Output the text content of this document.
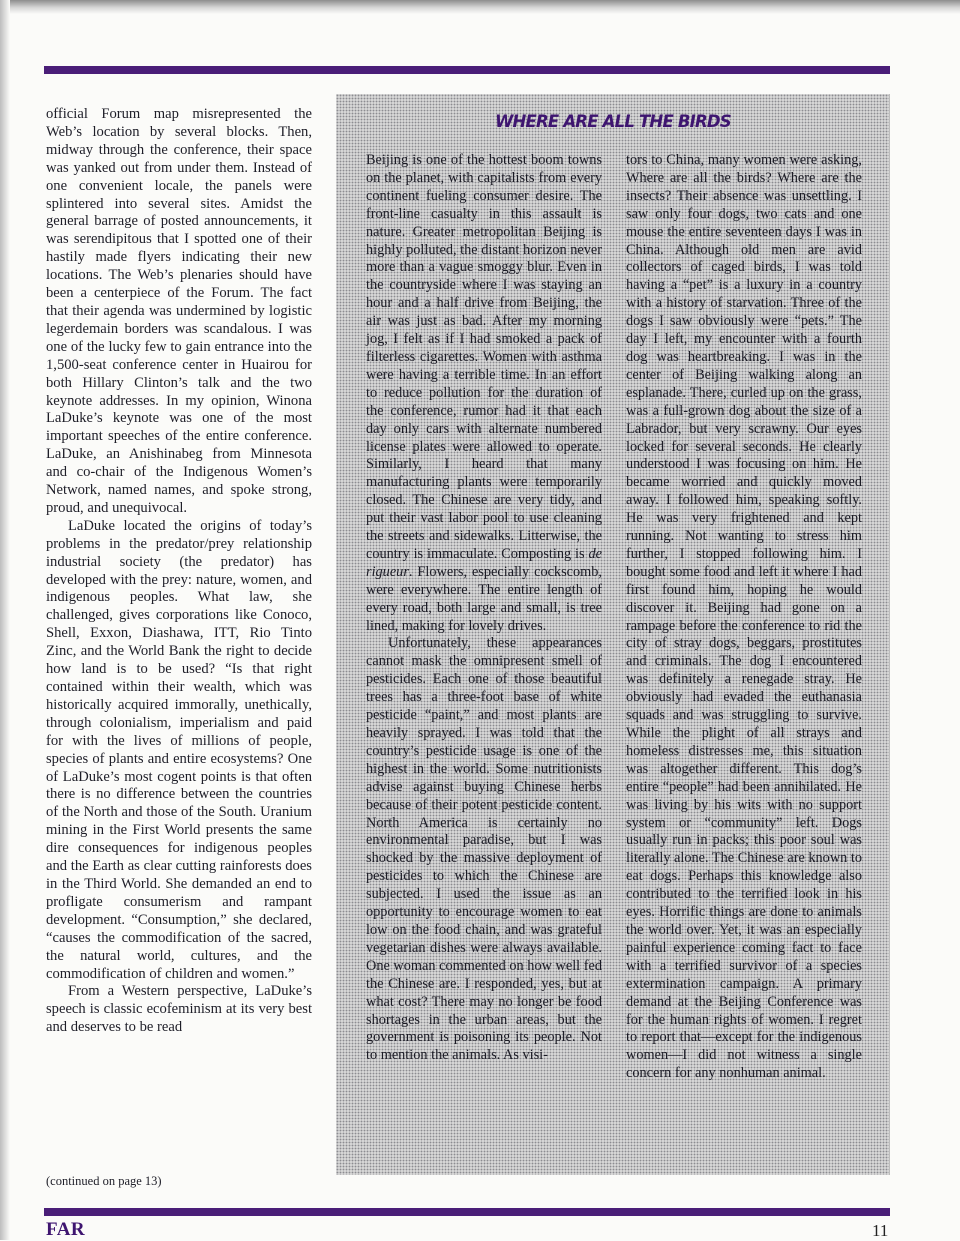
official Forum map misrepresented the Web’s location by several blocks. Then, midway through the conference, their space was yanked out from under them. Instead of one convenient locale, the panels were splintered into several sites. Amidst the general barrage of posted announcements, it was serendipitous that I spotted one of their hastily made flyers indicating their new locations. The Web’s plenaries should have been a centerpiece of the Forum. The fact that their agenda was undermined by logistic legerdemain borders was scandalous. I was one of the lucky few to gain entrance into the 1,500-seat conference center in Huairou for both Hillary Clinton’s talk and the two keynote addresses. In my opinion, Winona LaDuke’s keynote was one of the most important speeches of the entire conference. LaDuke, an Anishinabeg from Minnesota and co-chair of the Indigenous Women’s Network, named names, and spoke strong, proud, and unequivocal.

LaDuke located the origins of today’s problems in the predator/prey relationship industrial society (the predator) has developed with the prey: nature, women, and indigenous peoples. What law, she challenged, gives corporations like Conoco, Shell, Exxon, Diashawa, ITT, Rio Tinto Zinc, and the World Bank the right to decide how land is to be used? “Is that right contained within their wealth, which was historically acquired immorally, unethically, through colonialism, imperialism and paid for with the lives of millions of people, species of plants and entire ecosystems? One of LaDuke’s most cogent points is that often there is no difference between the countries of the North and those of the South. Uranium mining in the First World presents the same dire consequences for indigenous peoples and the Earth as clear cutting rainforests does in the Third World. She demanded an end to profligate consumerism and rampant development. “Consumption,” she declared, “causes the commodification of the sacred, the natural world, cultures, and the commodification of children and women.”

From a Western perspective, LaDuke’s speech is classic ecofeminism at its very best and deserves to be read

(continued on page 13)
WHERE ARE ALL THE BIRDS

Beijing is one of the hottest boom towns on the planet, with capitalists from every continent fueling consumer desire. The front-line casualty in this assault is nature. Greater metropolitan Beijing is highly polluted, the distant horizon never more than a vague smoggy blur. Even in the countryside where I was staying an hour and a half drive from Beijing, the air was just as bad. After my morning jog, I felt as if I had smoked a pack of filterless cigarettes. Women with asthma were having a terrible time. In an effort to reduce pollution for the duration of the conference, rumor had it that each day only cars with alternate numbered license plates were allowed to operate. Similarly, I heard that many manufacturing plants were temporarily closed. The Chinese are very tidy, and put their vast labor pool to use cleaning the streets and sidewalks. Litterwise, the country is immaculate. Composting is de rigueur. Flowers, especially cockscomb, were everywhere. The entire length of every road, both large and small, is tree lined, making for lovely drives.

Unfortunately, these appearances cannot mask the omnipresent smell of pesticides. Each one of those beautiful trees has a three-foot base of white pesticide “paint,” and most plants are heavily sprayed. I was told that the country’s pesticide usage is one of the highest in the world. Some nutritionists advise against buying Chinese herbs because of their potent pesticide content. North America is certainly no environmental paradise, but I was shocked by the massive deployment of pesticides to which the Chinese are subjected. I used the issue as an opportunity to encourage women to eat low on the food chain, and was grateful vegetarian dishes were always available. One woman commented on how well fed the Chinese are. I responded, yes, but at what cost? There may no longer be food shortages in the urban areas, but the government is poisoning its people. Not to mention the animals. As visi-

tors to China, many women were asking, Where are all the birds? Where are the insects? Their absence was unsettling. I saw only four dogs, two cats and one mouse the entire seventeen days I was in China. Although old men are avid collectors of caged birds, I was told having a “pet” is a luxury in a country with a history of starvation. Three of the dogs I saw obviously were “pets.” The day I left, my encounter with a fourth dog was heartbreaking. I was in the center of Beijing walking along an esplanade. There, curled up on the grass, was a full-grown dog about the size of a Labrador, but very scrawny. Our eyes locked for several seconds. He clearly understood I was focusing on him. He became worried and quickly moved away. I followed him, speaking softly. He was very frightened and kept running. Not wanting to stress him further, I stopped following him. I bought some food and left it where I had first found him, hoping he would discover it. Beijing had gone on a rampage before the conference to rid the city of stray dogs, beggars, prostitutes and criminals. The dog I encountered was definitely a renegade stray. He obviously had evaded the euthanasia squads and was struggling to survive. While the plight of all strays and homeless distresses me, this situation was altogether different. This dog’s entire “people” had been annihilated. He was living by his wits with no support system or “community” left. Dogs usually run in packs; this poor soul was literally alone. The Chinese are known to eat dogs. Perhaps this knowledge also contributed to the terrified look in his eyes. Horrific things are done to animals the world over. Yet, it was an especially painful experience coming fact to face with a terrified survivor of a species extermination campaign. A primary demand at the Beijing Conference was for the human rights of women. I regret to report that—except for the indigenous women—I did not witness a single concern for any nonhuman animal.

FAR	11
